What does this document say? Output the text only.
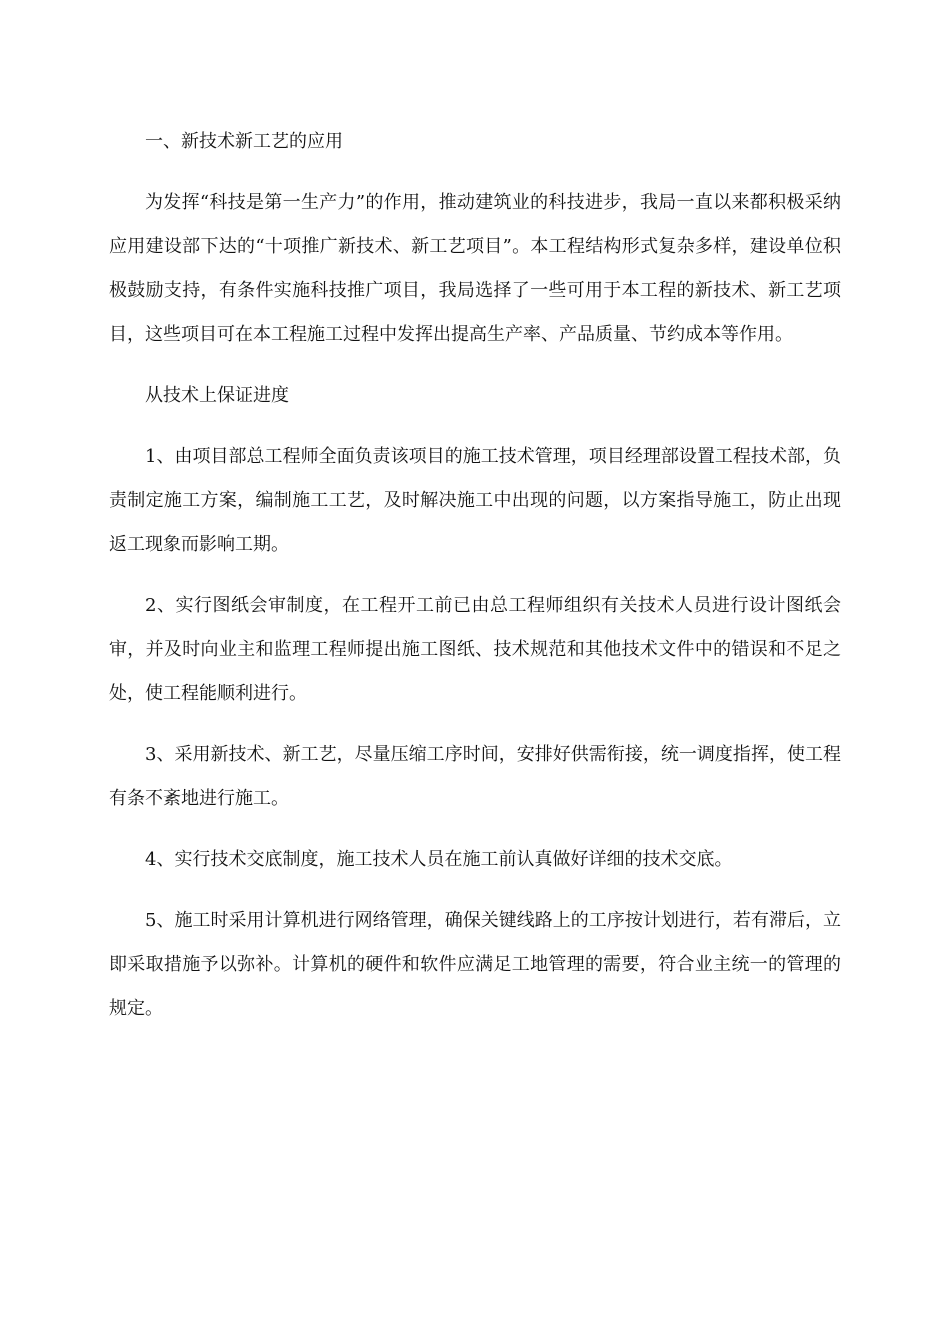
一、新技术新工艺的应用

为发挥“科技是第一生产力”的作用，推动建筑业的科技进步，我局一直以来都积极采纳应用建设部下达的“十项推广新技术、新工艺项目”。本工程结构形式复杂多样，建设单位积极鼓励支持，有条件实施科技推广项目，我局选择了一些可用于本工程的新技术、新工艺项目，这些项目可在本工程施工过程中发挥出提高生产率、产品质量、节约成本等作用。

从技术上保证进度

1、由项目部总工程师全面负责该项目的施工技术管理，项目经理部设置工程技术部，负责制定施工方案，编制施工工艺，及时解决施工中出现的问题，以方案指导施工，防止出现返工现象而影响工期。

2、实行图纸会审制度，在工程开工前已由总工程师组织有关技术人员进行设计图纸会审，并及时向业主和监理工程师提出施工图纸、技术规范和其他技术文件中的错误和不足之处，使工程能顺利进行。

3、采用新技术、新工艺，尽量压缩工序时间，安排好供需衔接，统一调度指挥，使工程有条不紊地进行施工。

4、实行技术交底制度，施工技术人员在施工前认真做好详细的技术交底。

5、施工时采用计算机进行网络管理，确保关键线路上的工序按计划进行，若有滞后，立即采取措施予以弥补。计算机的硬件和软件应满足工地管理的需要，符合业主统一的管理的规定。
